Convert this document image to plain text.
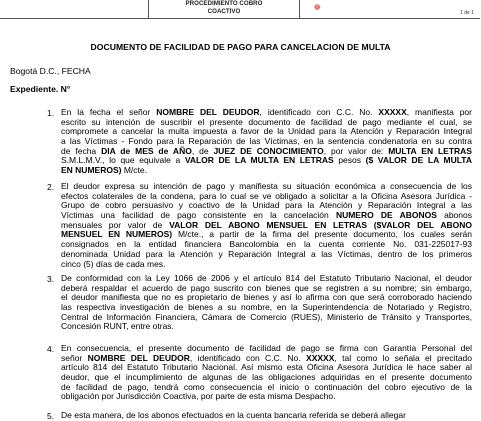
PROCEDIMIENTO COBRO
COACTIVO	❁
1 de 1
DOCUMENTO DE FACILIDAD DE PAGO PARA CANCELACION DE MULTA
Bogotá D.C., FECHA
Expediente. N°
1. En la fecha el señor NOMBRE DEL DEUDOR, identificado con C.C. No. XXXXX, manifiesta por
escrito su intención de suscribir el presente documento de facilidad de pago mediante el cual, se
compromete a cancelar la multa impuesta a favor de la Unidad para la Atención y Reparación Integral
a las Víctimas - Fondo para la Reparación de las Víctimas, en la sentencia condenatoria en su contra
de fecha DIA de MES de AÑO, de JUEZ DE CONOCIMIENTO, por valor de: MULTA EN LETRAS
S.M.L.M.V., lo que equivale a VALOR DE LA MULTA EN LETRAS pesos ($ VALOR DE LA MULTA
EN NUMEROS) M/cte.
2. El deudor expresa su intención de pago y manifiesta su situación económica a consecuencia de los
efectos colaterales de la condena, para lo cual se ve obligado a solicitar a la Oficina Asesora Jurídica -
Grupo de cobro persuasivo y coactivo de la Unidad para la Atención y Reparación Integral a las
Víctimas una facilidad de pago consistente en la cancelación NUMERO DE ABONOS abonos
mensuales por valor de VALOR DEL ABONO MENSUEL EN LETRAS ($VALOR DEL ABONO
MENSUEL EN NUMEROS) M/cte., a partir de la firma del presente documento, los cuales serán
consignados en la entidad financiera Bancolombia en la cuenta corriente No. 031-225017-93
denominada Unidad para la Atención y Reparación Integral a las Víctimas, dentro de los primeros
cinco (5) días de cada mes.
3. De conformidad con la Ley 1066 de 2006 y el artículo 814 del Estatuto Tributario Nacional, el deudor
deberá respaldar el acuerdo de pago suscrito con bienes que se registren a su nombre; sin embargo,
el deudor manifiesta que no es propietario de bienes y así lo afirma con que será corroborado haciendo
las respectiva investigación de bienes a su nombre, en la Superintendencia de Notariado y Registro,
Central de Información Financiera, Cámara de Comercio (RUES), Ministerio de Tránsito y Transportes,
Concesión RUNT, entre otras.
4. En consecuencia, el presente documento de facilidad de pago se firma con Garantía Personal del
señor NOMBRE DEL DEUDOR, identificado con C.C. No. XXXXX, tal como lo señala el precitado
artículo 814 del Estatuto Tributario Nacional. Así mismo esta Oficina Asesora Jurídica le hace saber al
deudor, que el incumplimiento de algunas de las obligaciones adquiridas en el presente documento
de facilidad de pago, tendrá como consecuencia el inicio o continuación del cobro ejecutivo de la
obligación por Jurisdicción Coactiva, por parte de esta misma Despacho.
5. De esta manera, de los abonos efectuados en la cuenta bancaria referida se deberá allegar
